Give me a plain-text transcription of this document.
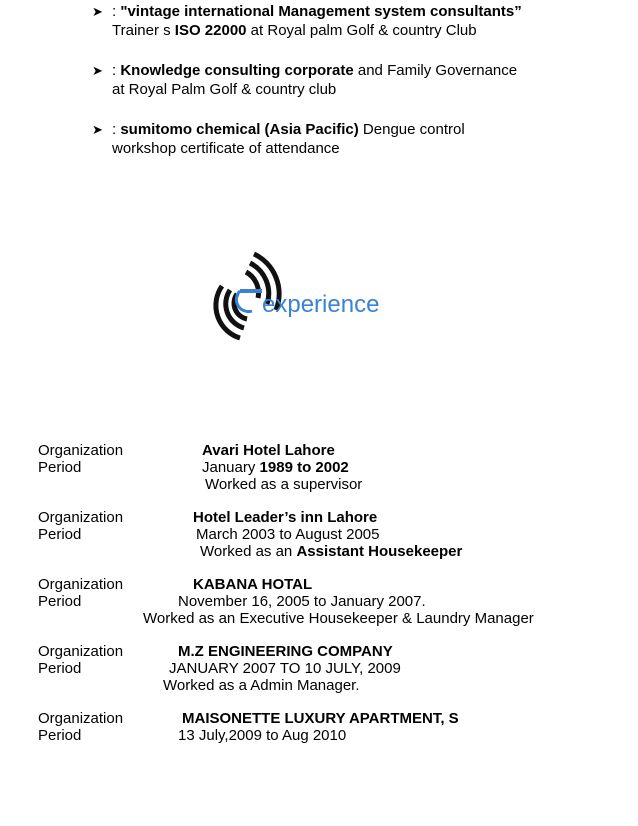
➤ : "vintage international Management system consultants” Trainer s ISO 22000 at Royal palm Golf & country Club
➤ : Knowledge consulting corporate and Family Governance at Royal Palm Golf & country club
➤ : sumitomo chemical (Asia Pacific) Dengue control workshop certificate of attendance
experience
Organization	Avari Hotel Lahore
Period	January 1989 to 2002
Worked as a supervisor
Organization	Hotel Leader’s inn Lahore
Period	March 2003 to August 2005
Worked as an Assistant Housekeeper
Organization	KABANA HOTAL
Period	November 16, 2005 to January 2007.
Worked as an Executive Housekeeper & Laundry Manager
Organization	M.Z ENGINEERING COMPANY
Period	JANUARY 2007 TO 10 JULY, 2009
Worked as a Admin Manager.
Organization	MAISONETTE LUXURY APARTMENT, S
Period	13 July,2009 to Aug 2010
